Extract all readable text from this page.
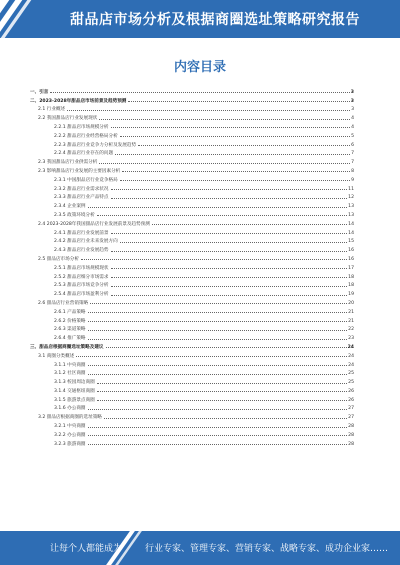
甜品店市场分析及根据商圈选址策略研究报告
内容目录
一、引言	3
二、2023-2028年甜品店市场前景及趋势预测	3
2.1 行业概述	3
2.2 我国甜品店行业发展现状	4
2.2.1 甜品店市场规模分析	4
2.2.2 甜品店行业经营格局分析	5
2.2.3 甜品店行业竞争力分析及发展趋势	6
2.2.4 甜品店行业存在的问题	7
2.3 我国甜品店行业供需分析	7
2.3 影响甜品店行业发展的主要因素分析	8
2.3.1 中国甜品店行业竞争格局	9
2.3.2 甜品店行业需求状况	11
2.3.3 甜品店行业产品特点	12
2.3.4 企业案例	13
2.3.5 政策环境分析	13
2.4 2023-2028年我国甜品店行业发展前景及趋势预测	14
2.4.1 甜品店行业发展前景	14
2.4.2 甜品店行业未来发展方向	15
2.4.3 甜品店行业发展趋势	16
2.5 甜品店市场分析	16
2.5.1 甜品店市场规模现状	17
2.5.2 甜品店细分市场需求	18
2.5.3 甜品店市场竞争分析	18
2.5.4 甜品店市场盈利分析	19
2.6 甜品店行业营销策略	20
2.6.1 产品策略	21
2.6.2 价格策略	21
2.6.3 渠道策略	22
2.6.4 推广策略	23
三、甜品店根据商圈选址策略及建议	24
3.1 商圈分类概述	24
3.1.1 中央商圈	24
3.1.2 社区商圈	25
3.1.3 校园周边商圈	25
3.1.4 交通枢纽商圈	26
3.1.5 旅游景点商圈	26
3.1.6 办公商圈	27
3.2 甜品店根据商圈的选址策略	27
3.2.1 中央商圈	28
3.2.2 办公商圈	28
3.2.3 旅游商圈	28
让每个人都能成为	行业专家、管理专家、营销专家、战略专家、成功企业家……
